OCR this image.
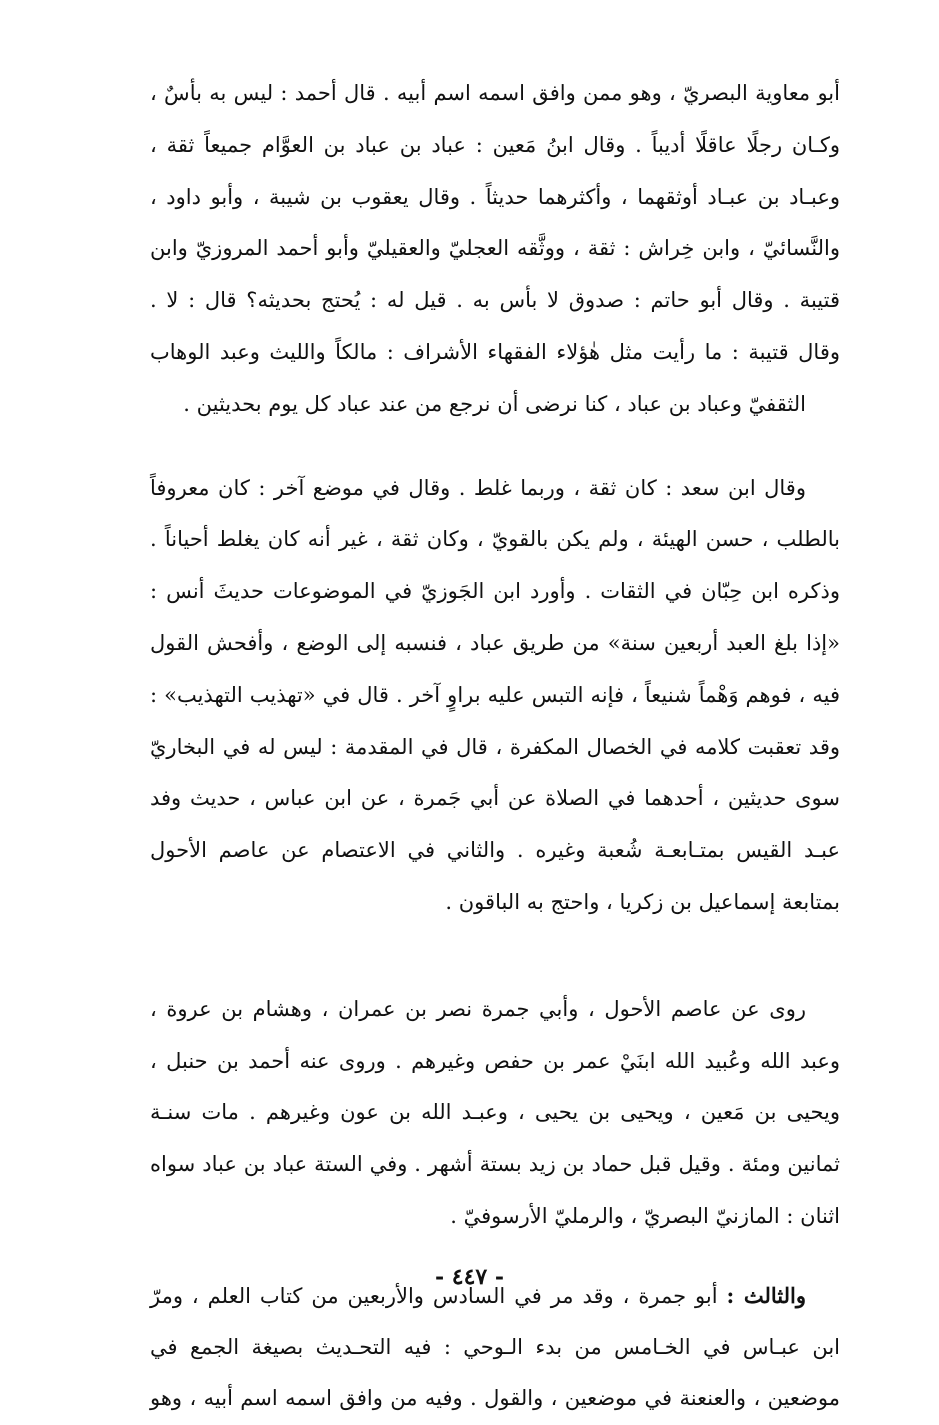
أبو معاوية البصريّ ، وهو ممن وافق اسمه اسم أبيه . قال أحمد : ليس به بأسٌ ،
وكـان رجلًا عاقلًا أديباً . وقال ابنُ مَعين : عباد بن عباد بن العوَّام جميعاً ثقة ،
وعبـاد بن عبـاد أوثقهما ، وأكثرهما حديثاً . وقال يعقوب بن شيبة ، وأبو داود ،
والنَّسائيّ ، وابن خِراش : ثقة ، ووثَّقه العجليّ والعقيليّ وأبو أحمد المروزيّ وابن
قتيبة . وقال أبو حاتم : صدوق لا بأس به . قيل له : يُحتج بحديثه؟ قال : لا .
وقال قتيبة : ما رأيت مثل هٰؤلاء الفقهاء الأشراف : مالكاً والليث وعبد الوهاب
الثقفيّ وعباد بن عباد ، كنا نرضى أن نرجع من عند عباد كل يوم بحديثين .
وقال ابن سعد : كان ثقة ، وربما غلط . وقال في موضع آخر : كان معروفاً
بالطلب ، حسن الهيئة ، ولم يكن بالقويّ ، وكان ثقة ، غير أنه كان يغلط أحياناً .
وذكره ابن حِبّان في الثقات . وأورد ابن الجَوزيّ في الموضوعات حديثَ أنس :
«إذا بلغ العبد أربعين سنة» من طريق عباد ، فنسبه إلى الوضع ، وأفحش القول
فيه ، فوهم وَهْماً شنيعاً ، فإنه التبس عليه براوٍ آخر . قال في «تهذيب التهذيب» :
وقد تعقبت كلامه في الخصال المكفرة ، قال في المقدمة : ليس له في البخاريّ
سوى حديثين ، أحدهما في الصلاة عن أبي جَمرة ، عن ابن عباس ، حديث وفد
عبـد القيس بمتـابعـة شُعبة وغيره . والثاني في الاعتصام عن عاصم الأحول
بمتابعة إسماعيل بن زكريا ، واحتج به الباقون .
روى عن عاصم الأحول ، وأبي جمرة نصر بن عمران ، وهشام بن عروة ،
وعبد الله وعُبيد الله ابنَيْ عمر بن حفص وغيرهم . وروى عنه أحمد بن حنبل ،
ويحيى بن مَعين ، ويحيى بن يحيى ، وعبـد الله بن عون وغيرهم . مات سنـة
ثمانين ومئة . وقيل قبل حماد بن زيد بستة أشهر . وفي الستة عباد بن عباد سواه
اثنان : المازنيّ البصريّ ، والرمليّ الأرسوفيّ .
والثالث : أبو جمرة ، وقد مر في السادس والأربعين من كتاب العلم ، ومرّ
ابن عبـاس في الخـامس من بدء الـوحي : فيه التحـديث بصيغة الجمع في
موضعين ، والعنعنة في موضعين ، والقول . وفيه من وافق اسمه اسم أبيه ، وهو
- ٤٤٧ -
